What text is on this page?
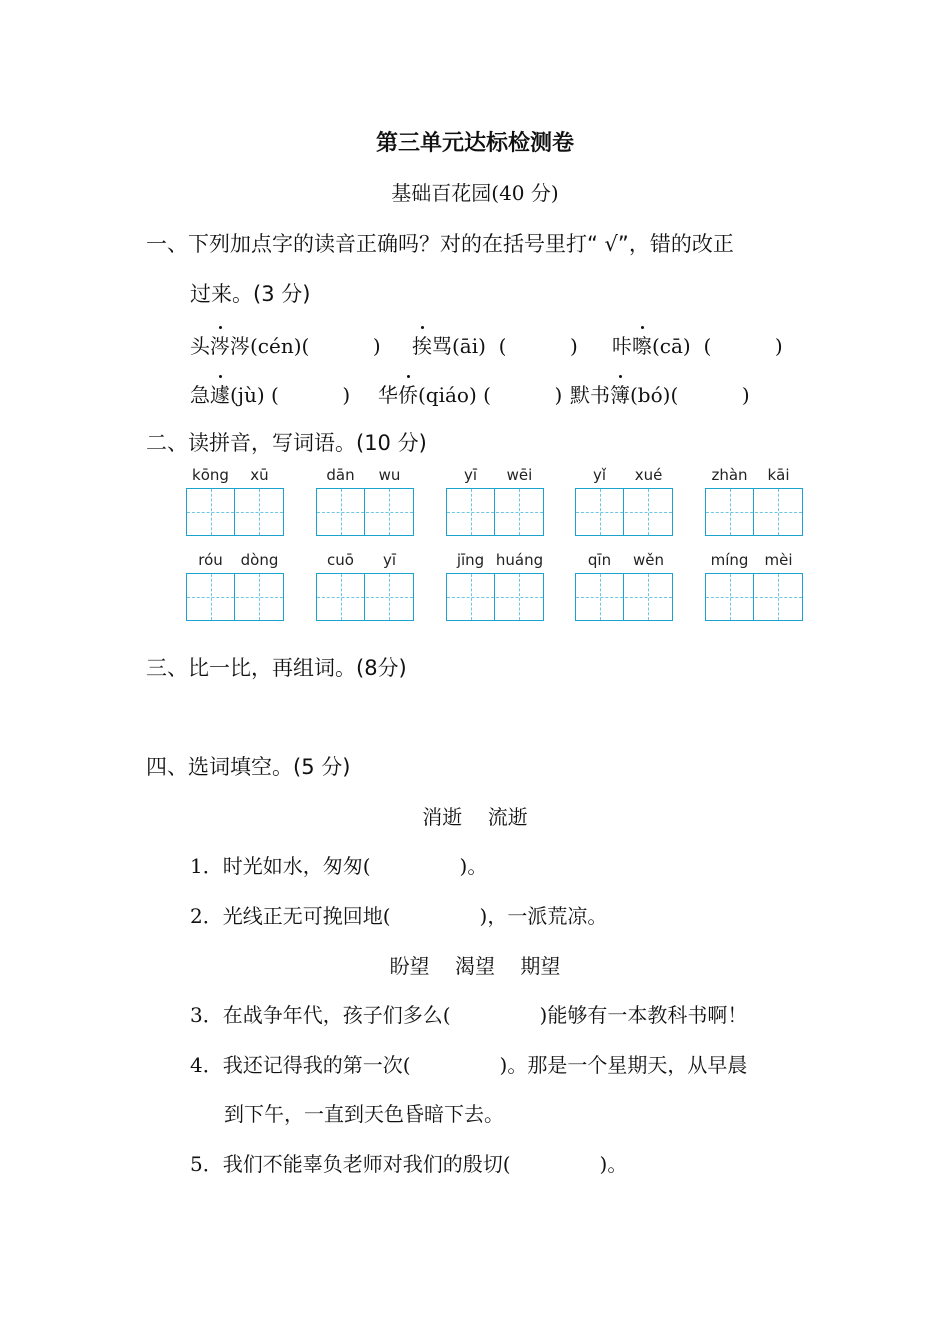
第三单元达标检测卷
基础百花园(40 分)
一、下列加点字的读音正确吗？对的在括号里打“ √”，错的改正
过来。(3 分)
头涔涔(cén)(	) 挨骂(āi)  (          ) 咔嚓(cā)  (          )
急遽(jù) (          ) 华侨(qiáo) (          ) 默书簿(bó)(	)
二、读拼音，写词语。(10 分)
kōng	xū	dān	wu	yī	wēi	yǐ	xué	zhàn	kāi
róu	dòng	cuō	yī	jīng huáng	qīn	wěn	míng	mèi
三、比一比，再组词。(8分)
四、选词填空。(5 分)
消逝    流逝
1．时光如水，匆匆(              )。
2．光线正无可挽回地(              )，一派荒凉。
盼望    渴望    期望
3．在战争年代，孩子们多么(              )能够有一本教科书啊！
4．我还记得我的第一次(              )。那是一个星期天，从早晨
到下午，一直到天色昏暗下去。
5．我们不能辜负老师对我们的殷切(              )。
